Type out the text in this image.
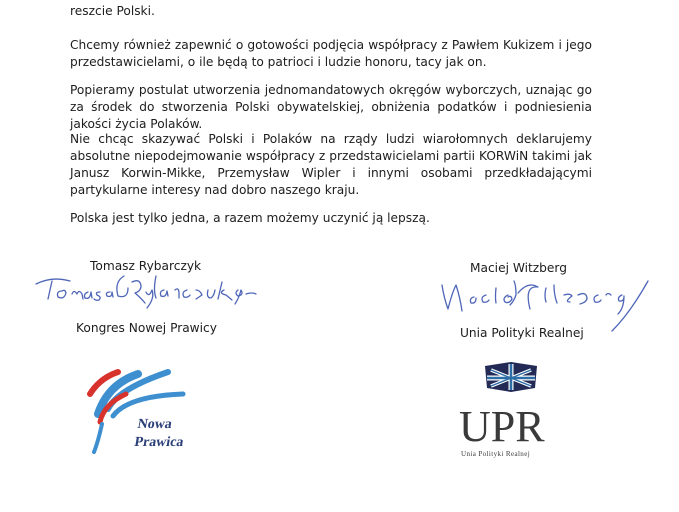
reszcie Polski.

Chcemy również zapewnić o gotowości podjęcia współpracy z Pawłem Kukizem i jego przedstawicielami, o ile będą to patrioci i ludzie honoru, tacy jak on.

Popieramy postulat utworzenia jednomandatowych okręgów wyborczych, uznając go za środek do stworzenia Polski obywatelskiej, obniżenia podatków i podniesienia jakości życia Polaków.

Nie chcąc skazywać Polski i Polaków na rządy ludzi wiarołomnych deklarujemy absolutne niepodejmowanie współpracy z przedstawicielami partii KORWiN takimi jak Janusz Korwin-Mikke, Przemysław Wipler i innymi osobami przedkładającymi partykularne interesy nad dobro naszego kraju.

Polska jest tylko jedna, a razem możemy uczynić ją lepszą.

Tomasz Rybarczyk
Kongres Nowej Prawicy
Nowa
Prawica
Maciej Witzberg
Unia Polityki Realnej
UPR
Unia Polityki Realnej
